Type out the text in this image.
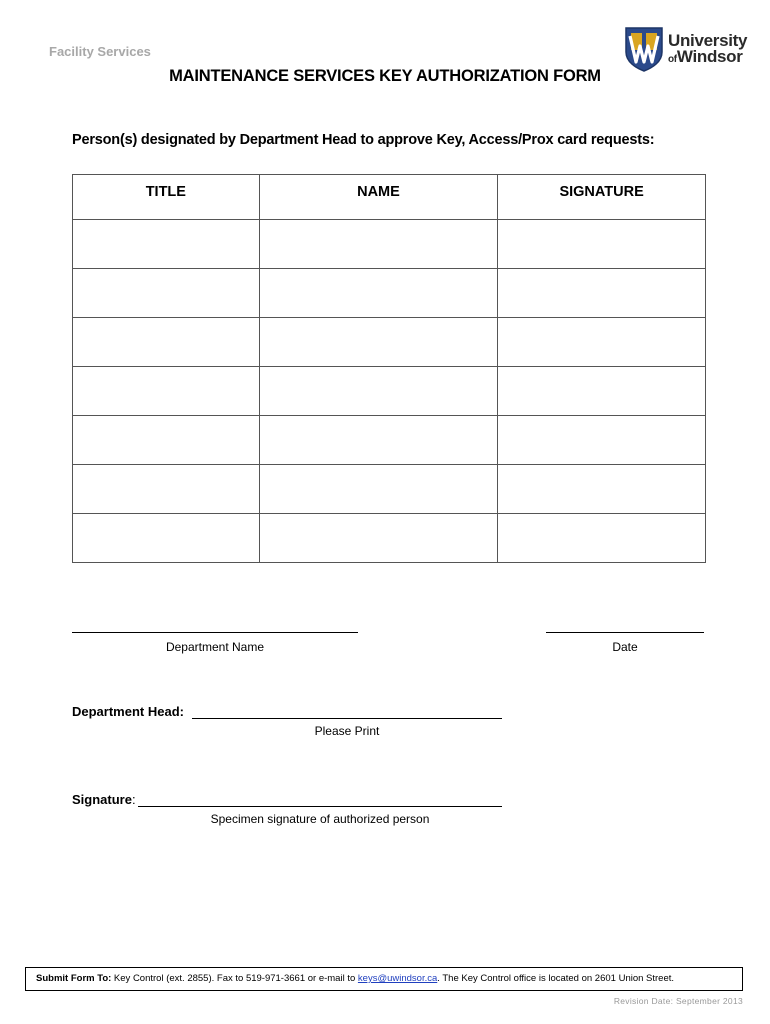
Facility Services
University
ofWindsor
MAINTENANCE SERVICES KEY AUTHORIZATION FORM
Person(s) designated by Department Head to approve Key, Access/Prox card requests:
TITLE	NAME	SIGNATURE

Department Name	Date
Department Head:
Please Print
Signature:
Specimen signature of authorized person
Submit Form To: Key Control (ext. 2855). Fax to 519-971-3661 or e-mail to keys@uwindsor.ca. The Key Control office is located on 2601 Union Street.
Revision Date: September 2013
